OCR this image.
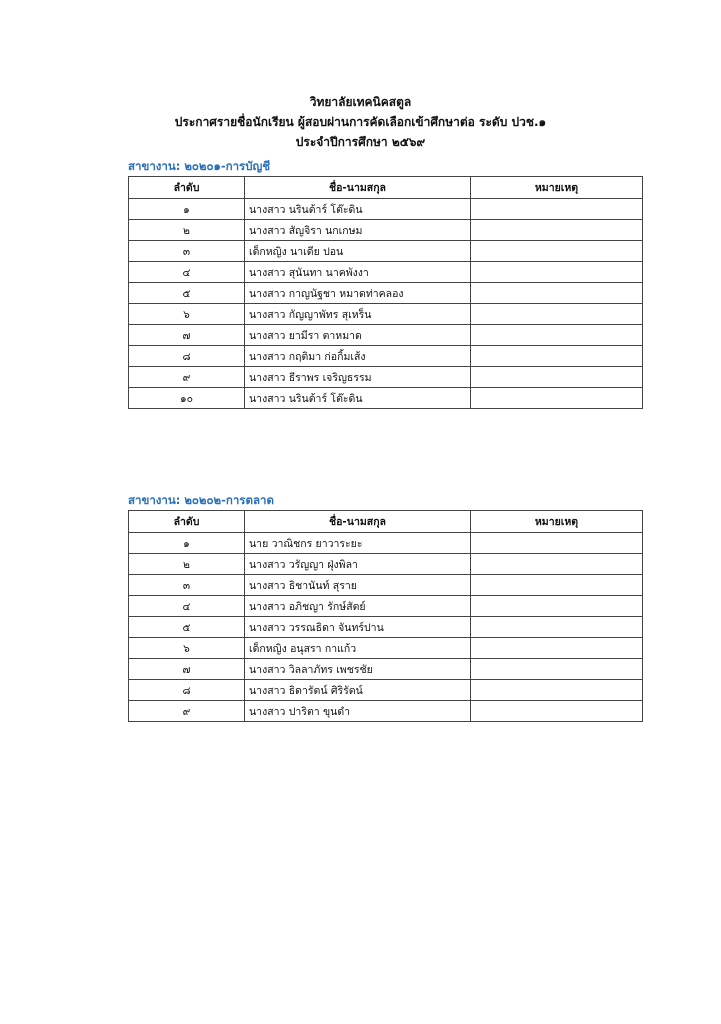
วิทยาลัยเทคนิคสตูล
ประกาศรายชื่อนักเรียน ผู้สอบผ่านการคัดเลือกเข้าศึกษาต่อ ระดับ ปวช.๑
ประจำปีการศึกษา ๒๕๖๙
สาขางาน: ๒๐๒๐๑-การบัญชี
ลำดับ	ชื่อ-นามสกุล	หมายเหตุ
๑	นางสาว นรินต้าร์ โต๊ะดิน	
๒	นางสาว สัญจิรา นกเกษม	
๓	เด็กหญิง นาเดีย ปอน	
๔	นางสาว สุนันทา นาคพังงา	
๕	นางสาว กาญนัฐชา หมาดท่าคลอง	
๖	นางสาว กัญญาพัทร สุเหร็น	
๗	นางสาว ยามีรา ตาหมาด	
๘	นางสาว กฤติมา ก่อกิ้มเส้ง	
๙	นางสาว ธีราพร เจริญธรรม	
๑๐	นางสาว นรินต้าร์ โต๊ะดิน	
สาขางาน: ๒๐๒๐๒-การตลาด
ลำดับ	ชื่อ-นามสกุล	หมายเหตุ
๑	นาย วาณิชกร ยาวาระยะ	
๒	นางสาว วรัญญา ฝุ่งพิลา	
๓	นางสาว ธิชานันท์ สุราย	
๔	นางสาว อภิชญา รักษ์สัตย์	
๕	นางสาว วรรณธิดา จันทร์ปาน	
๖	เด็กหญิง อนุสรา กาแก้ว	
๗	นางสาว วิลลาภัทร เพชรชัย	
๘	นางสาว ธิดารัตน์ ศิริรัตน์	
๙	นางสาว ปาริตา ขุนดำ	
